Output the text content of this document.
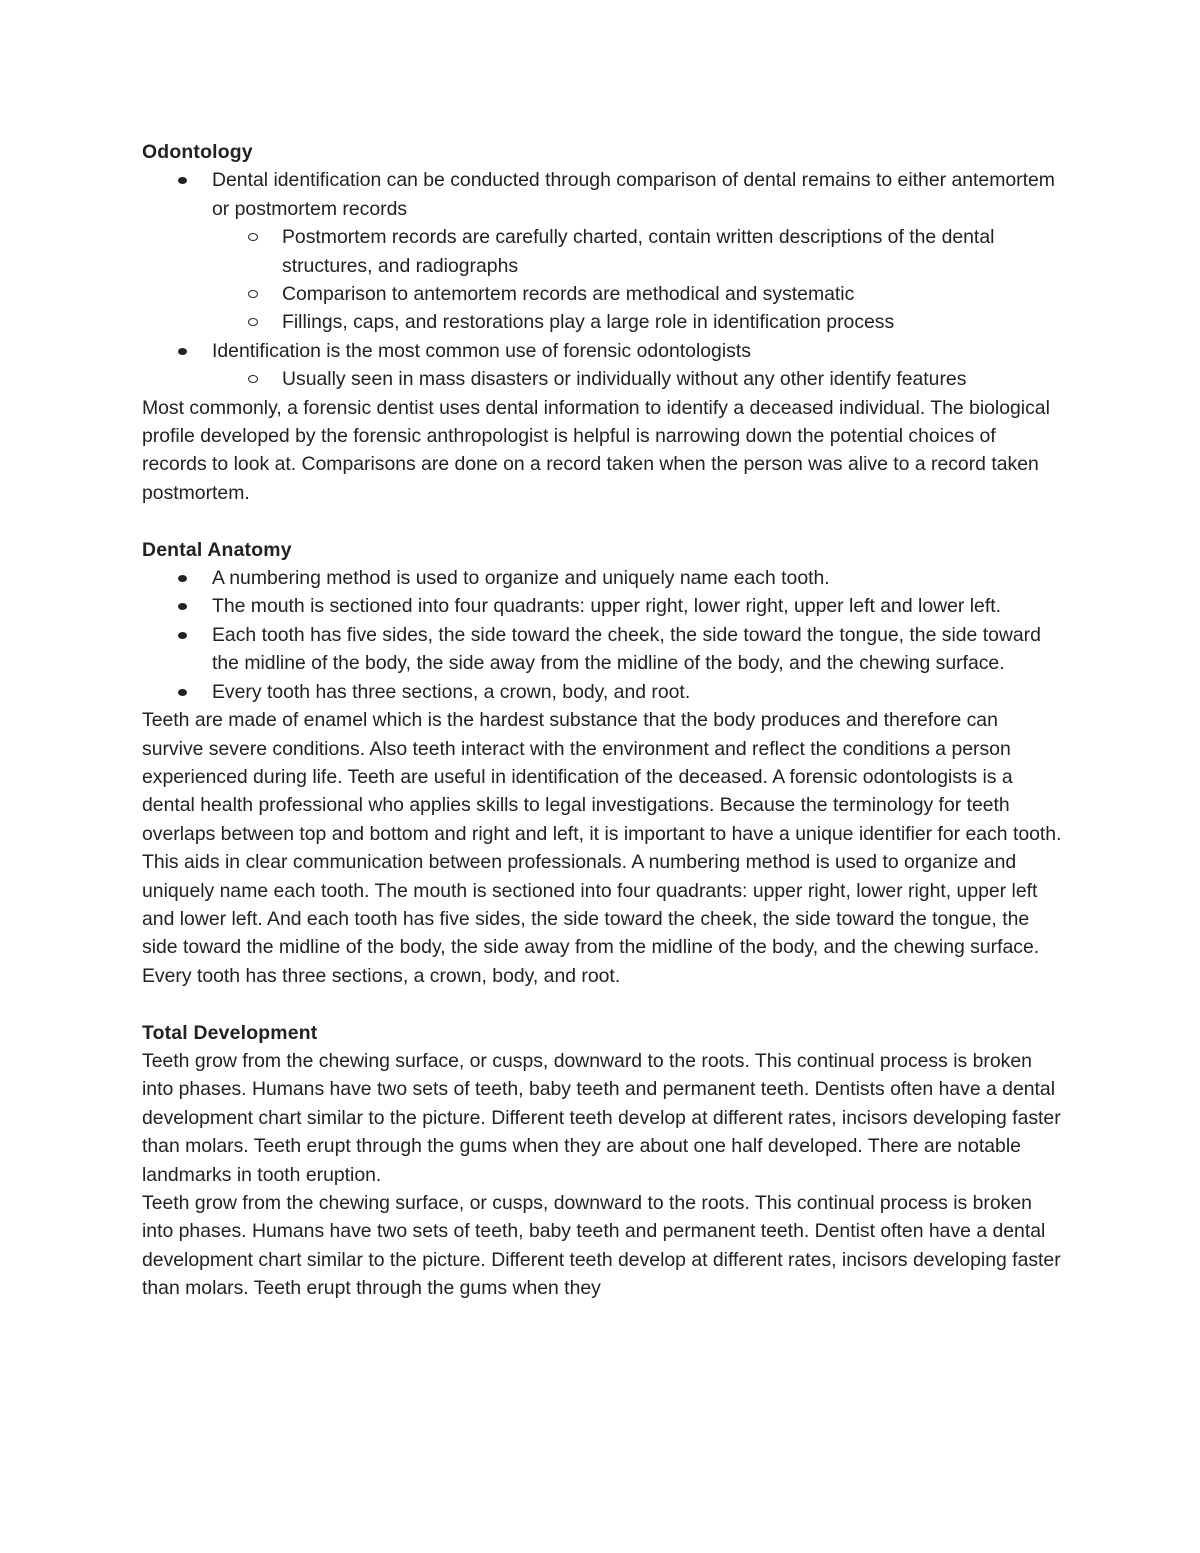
Odontology

Dental identification can be conducted through comparison of dental remains to either antemortem or postmortem records
Postmortem records are carefully charted, contain written descriptions of the dental structures, and radiographs
Comparison to antemortem records are methodical and systematic
Fillings, caps, and restorations play a large role in identification process
Identification is the most common use of forensic odontologists
Usually seen in mass disasters or individually without any other identify features

Most commonly, a forensic dentist uses dental information to identify a deceased individual. The biological profile developed by the forensic anthropologist is helpful is narrowing down the potential choices of records to look at. Comparisons are done on a record taken when the person was alive to a record taken postmortem.

Dental Anatomy

A numbering method is used to organize and uniquely name each tooth.
The mouth is sectioned into four quadrants: upper right, lower right, upper left and lower left.
Each tooth has five sides, the side toward the cheek, the side toward the tongue, the side toward the midline of the body, the side away from the midline of the body, and the chewing surface.
Every tooth has three sections, a crown, body, and root.

Teeth are made of enamel which is the hardest substance that the body produces and therefore can survive severe conditions. Also teeth interact with the environment and reflect the conditions a person experienced during life. Teeth are useful in identification of the deceased. A forensic odontologists is a dental health professional who applies skills to legal investigations. Because the terminology for teeth overlaps between top and bottom and right and left, it is important to have a unique identifier for each tooth. This aids in clear communication between professionals. A numbering method is used to organize and uniquely name each tooth. The mouth is sectioned into four quadrants: upper right, lower right, upper left and lower left. And each tooth has five sides, the side toward the cheek, the side toward the tongue, the side toward the midline of the body, the side away from the midline of the body, and the chewing surface. Every tooth has three sections, a crown, body, and root.

Total Development

Teeth grow from the chewing surface, or cusps, downward to the roots. This continual process is broken into phases. Humans have two sets of teeth, baby teeth and permanent teeth. Dentists often have a dental development chart similar to the picture. Different teeth develop at different rates, incisors developing faster than molars. Teeth erupt through the gums when they are about one half developed. There are notable landmarks in tooth eruption.

Teeth grow from the chewing surface, or cusps, downward to the roots. This continual process is broken into phases. Humans have two sets of teeth, baby teeth and permanent teeth. Dentist often have a dental development chart similar to the picture. Different teeth develop at different rates, incisors developing faster than molars. Teeth erupt through the gums when they
